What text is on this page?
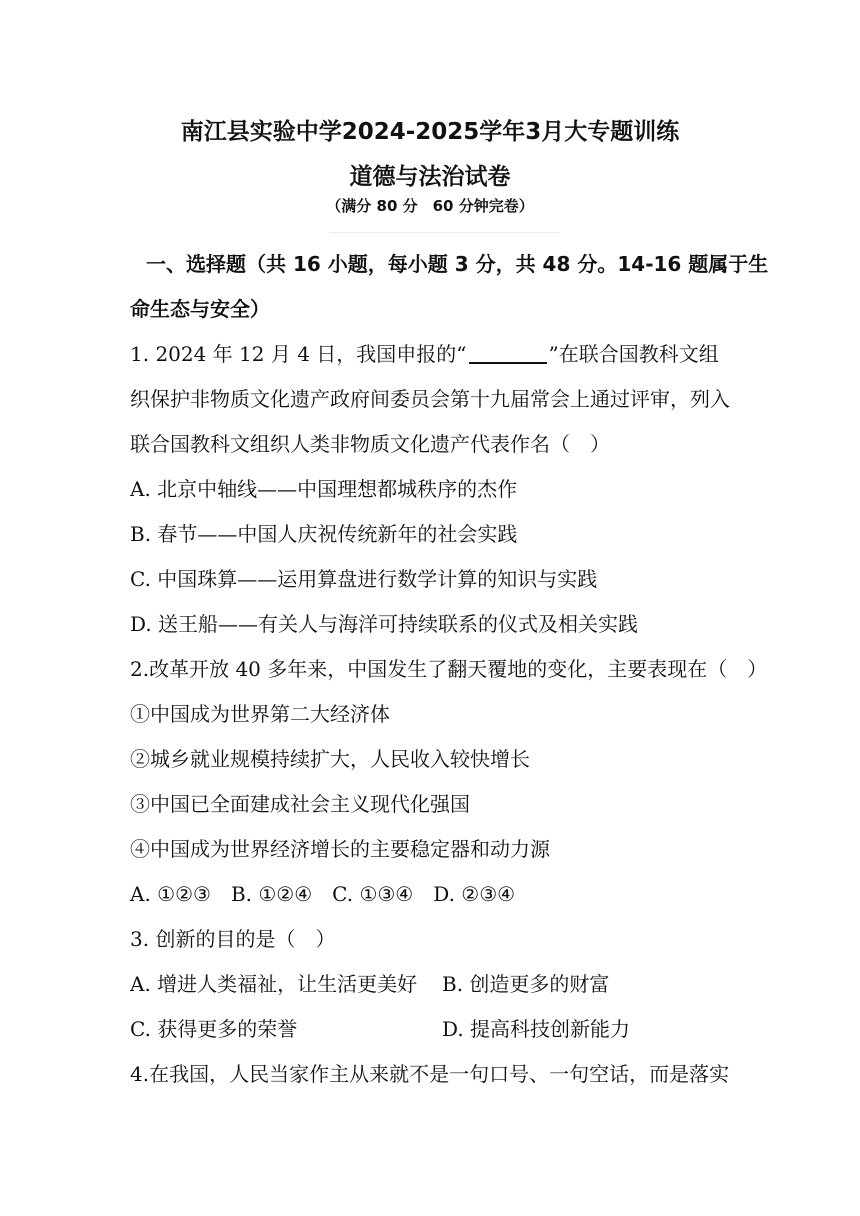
南江县实验中学2024-2025学年3月大专题训练
道德与法治试卷
（满分 80 分　60 分钟完卷）
一、选择题（共 16 小题，每小题 3 分，共 48 分。14-16 题属于生
命生态与安全）
1. 2024 年 12 月 4 日，我国申报的“	”在联合国教科文组
织保护非物质文化遗产政府间委员会第十九届常会上通过评审，列入
联合国教科文组织人类非物质文化遗产代表作名（　）
A. 北京中轴线——中国理想都城秩序的杰作
B. 春节——中国人庆祝传统新年的社会实践
C. 中国珠算——运用算盘进行数学计算的知识与实践
D. 送王船——有关人与海洋可持续联系的仪式及相关实践
2.改革开放 40 多年来，中国发生了翻天覆地的变化，主要表现在（　）
①中国成为世界第二大经济体
②城乡就业规模持续扩大，人民收入较快增长
③中国已全面建成社会主义现代化强国
④中国成为世界经济增长的主要稳定器和动力源
A. ①②③　B. ①②④　C. ①③④　D. ②③④
3. 创新的目的是（　）
A. 增进人类福祉，让生活更美好 B. 创造更多的财富
C. 获得更多的荣誉	D. 提高科技创新能力
4.在我国，人民当家作主从来就不是一句口号、一句空话，而是落实
